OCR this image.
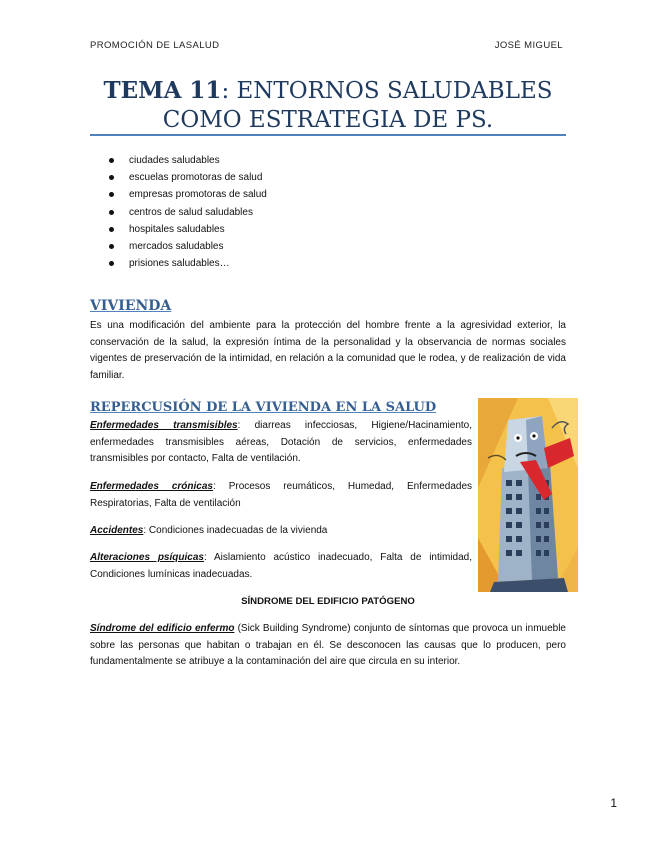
PROMOCIÓN DE LASALUD	JOSÉ MIGUEL
TEMA 11: ENTORNOS SALUDABLES COMO ESTRATEGIA DE PS.
ciudades saludables
escuelas promotoras de salud
empresas promotoras de salud
centros de salud saludables
hospitales saludables
mercados saludables
prisiones saludables…
VIVIENDA
Es una modificación del ambiente para la protección del hombre frente a la agresividad exterior, la conservación de la salud, la expresión íntima de la personalidad y la observancia de normas sociales vigentes de preservación de la intimidad, en relación a la comunidad que le rodea, y de realización de vida familiar.
REPERCUSIÓN DE LA VIVIENDA EN LA SALUD
Enfermedades transmisibles: diarreas infecciosas, Higiene/Hacinamiento, enfermedades transmisibles aéreas, Dotación de servicios, enfermedades transmisibles por contacto, Falta de ventilación.
Enfermedades crónicas: Procesos reumáticos, Humedad, Enfermedades Respiratorias, Falta de ventilación
Accidentes: Condiciones inadecuadas de la vivienda
Alteraciones psíquicas: Aislamiento acústico inadecuado, Falta de intimidad, Condiciones lumínicas inadecuadas.
SÍNDROME DEL EDIFICIO PATÓGENO
Síndrome del edificio enfermo (Sick Building Syndrome) conjunto de síntomas que provoca un inmueble sobre las personas que habitan o trabajan en él. Se desconocen las causas que lo producen, pero fundamentalmente se atribuye a la contaminación del aire que circula en su interior.
1
